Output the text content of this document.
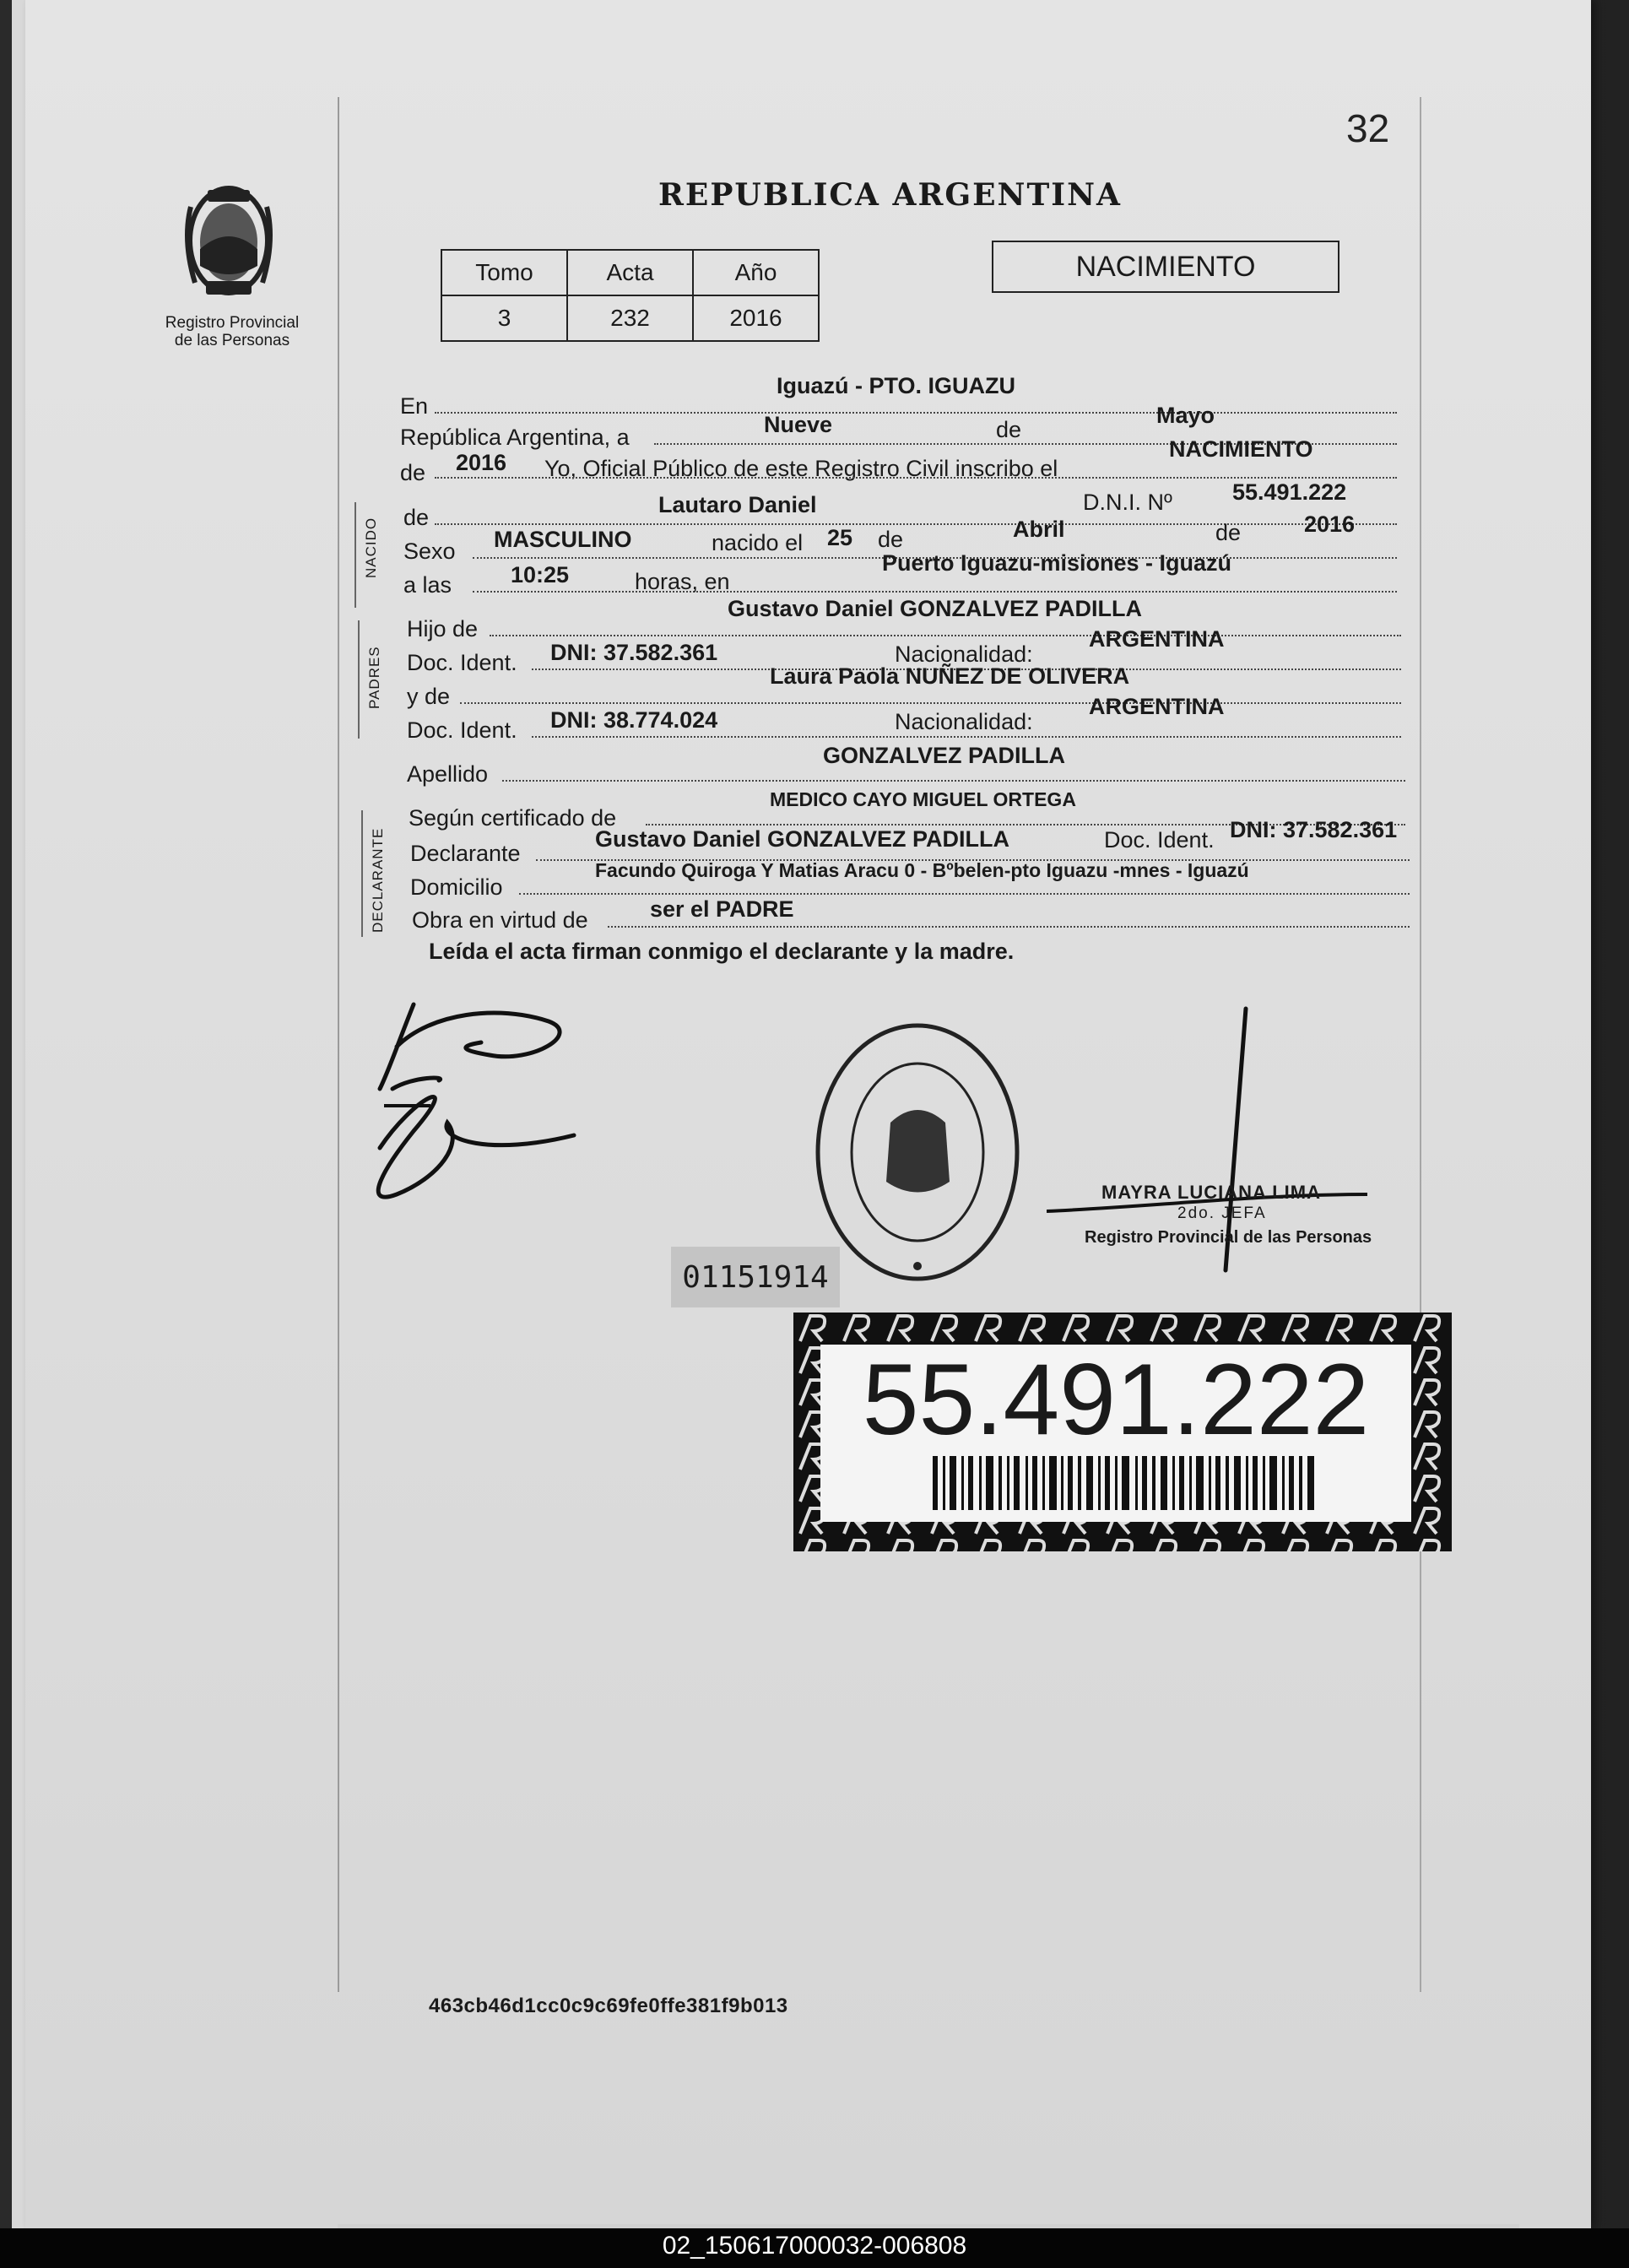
32
Registro Provincial
de las Personas
REPUBLICA ARGENTINA
Tomo	Acta	Año
3	232	2016
NACIMIENTO
En
Iguazú - PTO. IGUAZU
República Argentina, a	Nueve	de
Mayo
de 2016 Yo, Oficial Público de este Registro Civil inscribo el
NACIMIENTO
NACIDO de	Lautaro Daniel	D.N.I. Nº	55.491.222
Sexo MASCULINO	nacido el 25 de	Abril	de	2016
a las	10:25	horas, en
Puerto Iguazu-misiones - Iguazú
PADRES
Hijo de
Gustavo Daniel GONZALVEZ PADILLA
Doc. Ident. DNI: 37.582.361	Nacionalidad:
ARGENTINA
y de
Laura Paola NUÑEZ DE OLIVERA
Doc. Ident. DNI: 38.774.024	Nacionalidad:
ARGENTINA
Apellido
GONZALVEZ PADILLA
DECLARANTE
Según certificado de
MEDICO CAYO MIGUEL ORTEGA
Declarante
Gustavo Daniel GONZALVEZ PADILLA	Doc. Ident. DNI: 37.582.361
Domicilio
Facundo Quiroga Y Matias Aracu 0 - Bºbelen-pto Iguazu -mnes - Iguazú
Obra en virtud de	ser el PADRE
Leída el acta firman conmigo el declarante y la madre.
MAYRA LUCIANA LIMA
2do. JEFA
Registro Provincial de las Personas
01151914
55.491.222
463cb46d1cc0c9c69fe0ffe381f9b013
02_150617000032-006808
